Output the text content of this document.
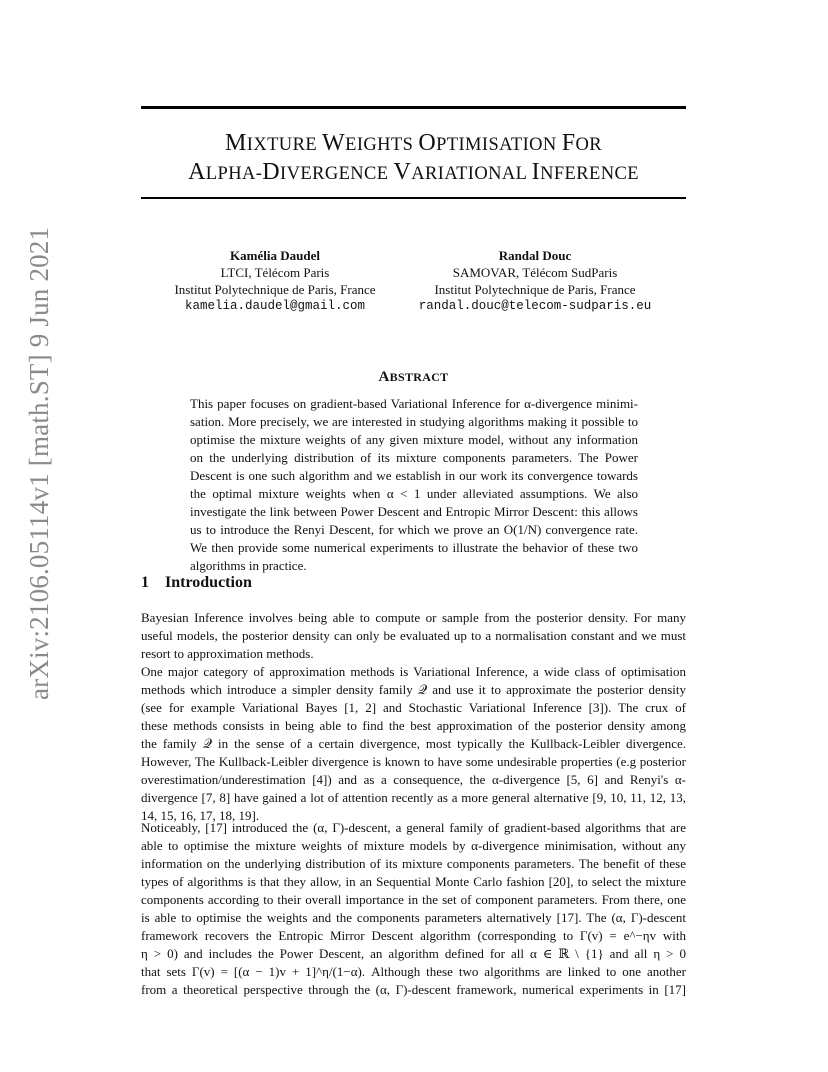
arXiv:2106.05114v1 [math.ST] 9 Jun 2021
MIXTURE WEIGHTS OPTIMISATION FOR
ALPHA-DIVERGENCE VARIATIONAL INFERENCE
Kamélia Daudel
LTCI, Télécom Paris
Institut Polytechnique de Paris, France
kamelia.daudel@gmail.com
Randal Douc
SAMOVAR, Télécom SudParis
Institut Polytechnique de Paris, France
randal.douc@telecom-sudparis.eu
ABSTRACT
This paper focuses on gradient-based Variational Inference for α-divergence minimi-
sation. More precisely, we are interested in studying algorithms making it possible to
optimise the mixture weights of any given mixture model, without any information
on the underlying distribution of its mixture components parameters. The Power
Descent is one such algorithm and we establish in our work its convergence towards
the optimal mixture weights when α < 1 under alleviated assumptions. We also
investigate the link between Power Descent and Entropic Mirror Descent: this allows
us to introduce the Renyi Descent, for which we prove an O(1/N) convergence rate.
We then provide some numerical experiments to illustrate the behavior of these two
algorithms in practice.
1 Introduction
Bayesian Inference involves being able to compute or sample from the posterior density. For many
useful models, the posterior density can only be evaluated up to a normalisation constant and we must
resort to approximation methods.
One major category of approximation methods is Variational Inference, a wide class of optimisation
methods which introduce a simpler density family 𝒬 and use it to approximate the posterior density
(see for example Variational Bayes [1, 2] and Stochastic Variational Inference [3]). The crux of
these methods consists in being able to find the best approximation of the posterior density among
the family 𝒬 in the sense of a certain divergence, most typically the Kullback-Leibler divergence.
However, The Kullback-Leibler divergence is known to have some undesirable properties (e.g posterior
overestimation/underestimation [4]) and as a consequence, the α-divergence [5, 6] and Renyi's α-
divergence [7, 8] have gained a lot of attention recently as a more general alternative [9, 10, 11, 12, 13,
14, 15, 16, 17, 18, 19].
Noticeably, [17] introduced the (α, Γ)-descent, a general family of gradient-based algorithms that are
able to optimise the mixture weights of mixture models by α-divergence minimisation, without any
information on the underlying distribution of its mixture components parameters. The benefit of these
types of algorithms is that they allow, in an Sequential Monte Carlo fashion [20], to select the mixture
components according to their overall importance in the set of component parameters. From there, one
is able to optimise the weights and the components parameters alternatively [17]. The (α, Γ)-descent
framework recovers the Entropic Mirror Descent algorithm (corresponding to Γ(v) = e^−ηv with
η > 0) and includes the Power Descent, an algorithm defined for all α ∈ ℝ \ {1} and all η > 0
that sets Γ(v) = [(α − 1)v + 1]^η/(1−α). Although these two algorithms are linked to one another
from a theoretical perspective through the (α, Γ)-descent framework, numerical experiments in [17]
